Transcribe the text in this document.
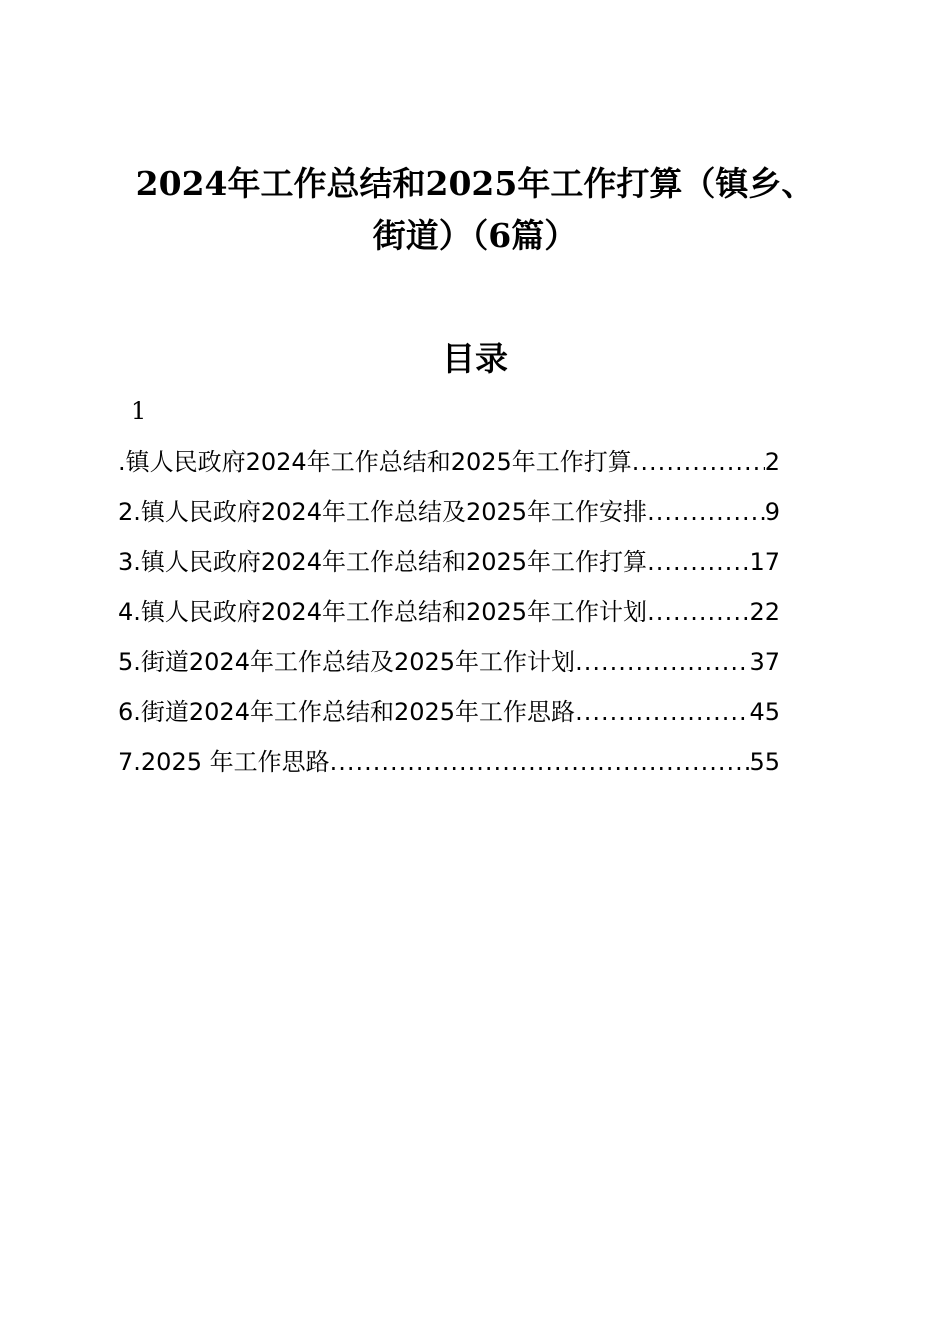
2024年工作总结和2025年工作打算（镇乡、
街道）（6篇）
目录
1
.镇人民政府2024年工作总结和2025年工作打算 .....	2
2.镇人民政府2024年工作总结及2025年工作安排 .....	9
3.镇人民政府2024年工作总结和2025年工作打算 .....	17
4.镇人民政府2024年工作总结和2025年工作计划 .....	22
5.街道2024年工作总结及2025年工作计划 .....	37
6.街道2024年工作总结和2025年工作思路 .....	45
7.2025 年工作思路 .....	55
